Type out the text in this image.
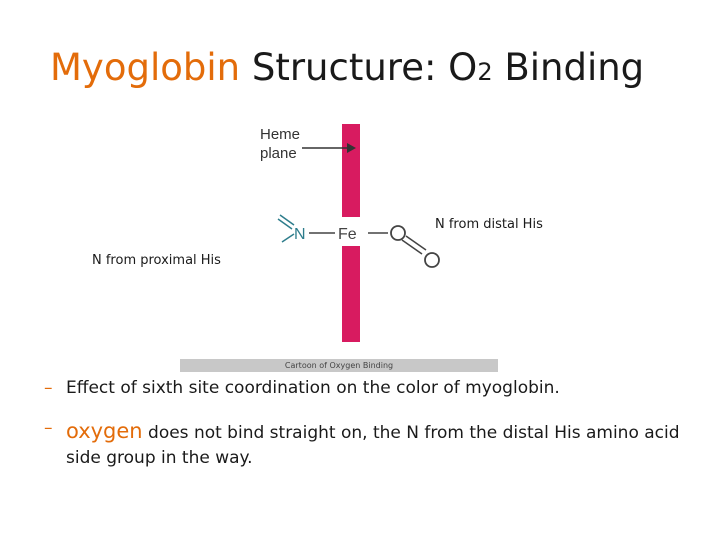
Myoglobin Structure: O2 Binding
Heme
plane
N Fe
Cartoon of Oxygen Binding
N from distal His
N from proximal His
– Effect of sixth site coordination on the color of myoglobin.
– oxygen does not bind straight on, the N from the distal His amino acid side group in the way.
